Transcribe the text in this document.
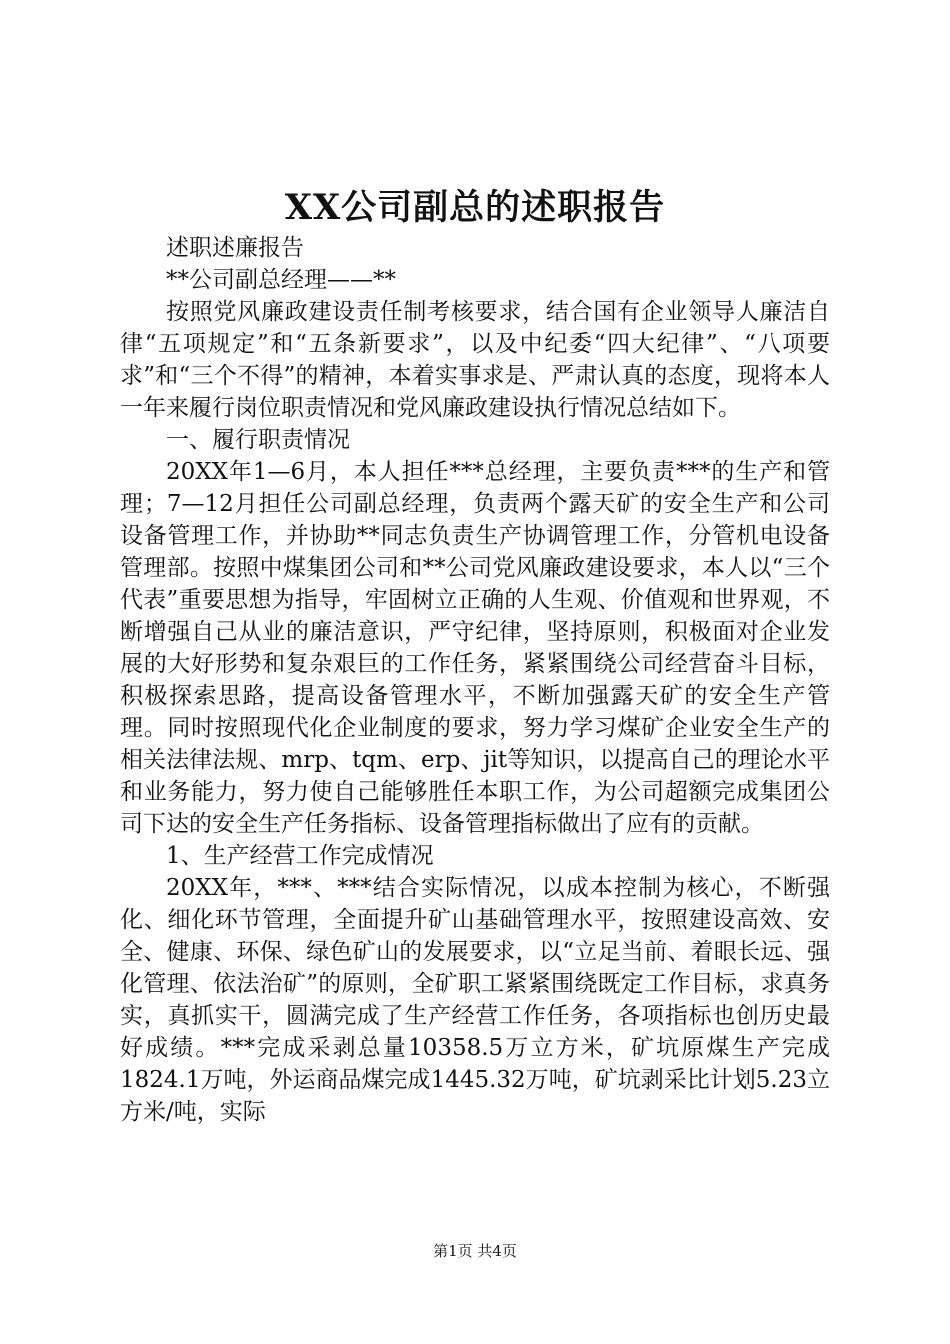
XX公司副总的述职报告

述职述廉报告

**公司副总经理——**

按照党风廉政建设责任制考核要求，结合国有企业领导人廉洁自律“五项规定”和“五条新要求”，以及中纪委“四大纪律”、“八项要求”和“三个不得”的精神，本着实事求是、严肃认真的态度，现将本人一年来履行岗位职责情况和党风廉政建设执行情况总结如下。

一、履行职责情况

20XX年1—6月，本人担任***总经理，主要负责***的生产和管理；7—12月担任公司副总经理，负责两个露天矿的安全生产和公司设备管理工作，并协助**同志负责生产协调管理工作，分管机电设备管理部。按照中煤集团公司和**公司党风廉政建设要求，本人以“三个代表”重要思想为指导，牢固树立正确的人生观、价值观和世界观，不断增强自己从业的廉洁意识，严守纪律，坚持原则，积极面对企业发展的大好形势和复杂艰巨的工作任务，紧紧围绕公司经营奋斗目标，积极探索思路，提高设备管理水平，不断加强露天矿的安全生产管理。同时按照现代化企业制度的要求，努力学习煤矿企业安全生产的相关法律法规、mrp、tqm、erp、jit等知识，以提高自己的理论水平和业务能力，努力使自己能够胜任本职工作，为公司超额完成集团公司下达的安全生产任务指标、设备管理指标做出了应有的贡献。

1、生产经营工作完成情况

20XX年，***、***结合实际情况，以成本控制为核心，不断强化、细化环节管理，全面提升矿山基础管理水平，按照建设高效、安全、健康、环保、绿色矿山的发展要求，以“立足当前、着眼长远、强化管理、依法治矿”的原则，全矿职工紧紧围绕既定工作目标，求真务实，真抓实干，圆满完成了生产经营工作任务，各项指标也创历史最好成绩。***完成采剥总量10358.5万立方米，矿坑原煤生产完成1824.1万吨，外运商品煤完成1445.32万吨，矿坑剥采比计划5.23立方米/吨，实际

第1页 共4页
